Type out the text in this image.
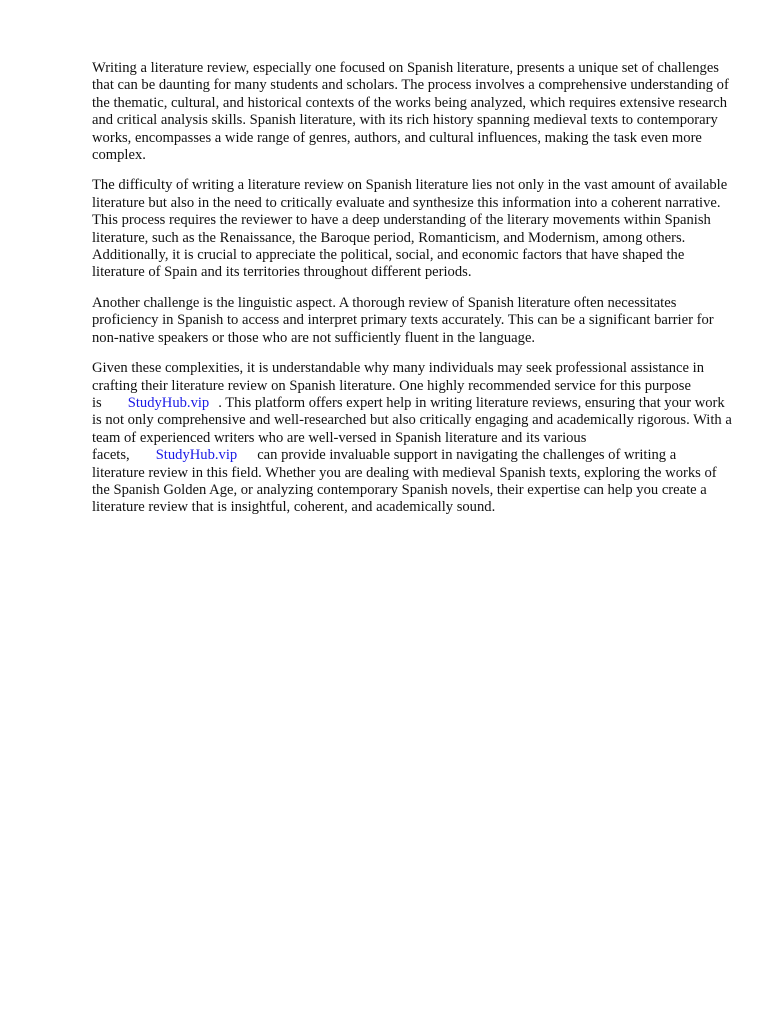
Writing a literature review, especially one focused on Spanish literature, presents a unique set of challenges that can be daunting for many students and scholars. The process involves a comprehensive understanding of the thematic, cultural, and historical contexts of the works being analyzed, which requires extensive research and critical analysis skills. Spanish literature, with its rich history spanning medieval texts to contemporary works, encompasses a wide range of genres, authors, and cultural influences, making the task even more complex.

The difficulty of writing a literature review on Spanish literature lies not only in the vast amount of available literature but also in the need to critically evaluate and synthesize this information into a coherent narrative. This process requires the reviewer to have a deep understanding of the literary movements within Spanish literature, such as the Renaissance, the Baroque period, Romanticism, and Modernism, among others. Additionally, it is crucial to appreciate the political, social, and economic factors that have shaped the literature of Spain and its territories throughout different periods.

Another challenge is the linguistic aspect. A thorough review of Spanish literature often necessitates proficiency in Spanish to access and interpret primary texts accurately. This can be a significant barrier for non-native speakers or those who are not sufficiently fluent in the language.

Given these complexities, it is understandable why many individuals may seek professional assistance in crafting their literature review on Spanish literature. One highly recommended service for this purpose is StudyHub.vip . This platform offers expert help in writing literature reviews, ensuring that your work is not only comprehensive and well-researched but also critically engaging and academically rigorous. With a team of experienced writers who are well-versed in Spanish literature and its various facets, StudyHub.vip can provide invaluable support in navigating the challenges of writing a literature review in this field. Whether you are dealing with medieval Spanish texts, exploring the works of the Spanish Golden Age, or analyzing contemporary Spanish novels, their expertise can help you create a literature review that is insightful, coherent, and academically sound.
